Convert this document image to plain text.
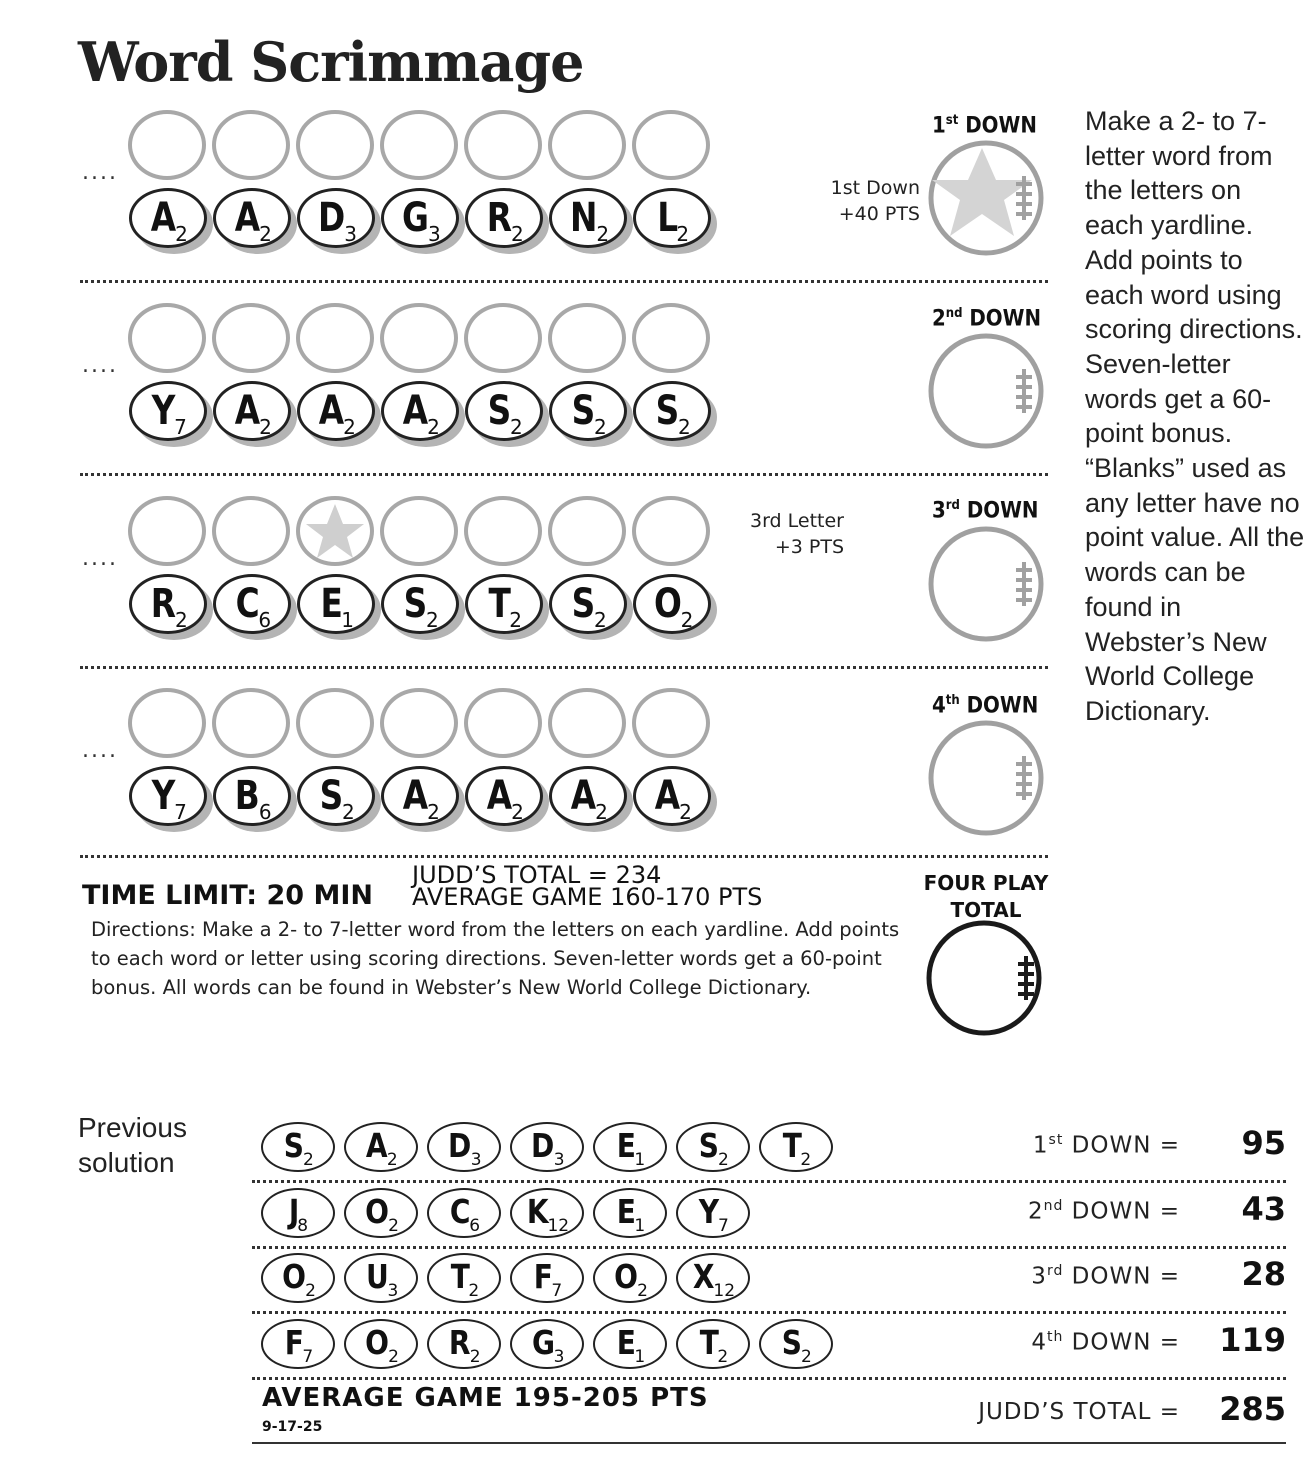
Word Scrimmage
....
A2	A2	D3	G3	R2	N2	L2
1st DOWN
1st Down
+40 PTS
....
Y7	A2	A2	A2	S2	S2	S2
2nd DOWN
....
R2	C6	E1	S2	T2	S2	O2
3rd DOWN
3rd Letter
+3 PTS
....
Y7	B6	S2	A2	A2	A2	A2
4th DOWN
Make a 2- to 7-letter word from the letters on each yardline. Add points to each word using scoring directions. Seven-letter words get a 60-point bonus. “Blanks” used as any letter have no point value. All the words can be found in Webster’s New World College Dictionary.
JUDD’S TOTAL = 234
AVERAGE GAME 160-170 PTS
TIME LIMIT: 20 MIN
Directions: Make a 2- to 7-letter word from the letters on each yardline. Add points to each word or letter using scoring directions. Seven-letter words get a 60-point bonus. All words can be found in Webster’s New World College Dictionary.
FOUR PLAY
TOTAL
Previous
solution	S2	A2	D3	D3	E1	S2	T2
1st DOWN =	95
J8	O2	C6	K12	E1	Y7
2nd DOWN =	43
O2	U3	T2	F7	O2	X12
3rd DOWN =	28
F7	O2	R2	G3	E1	T2	S2
4th DOWN =	119
AVERAGE GAME 195-205 PTS
9-17-25
JUDD’S TOTAL =	285
